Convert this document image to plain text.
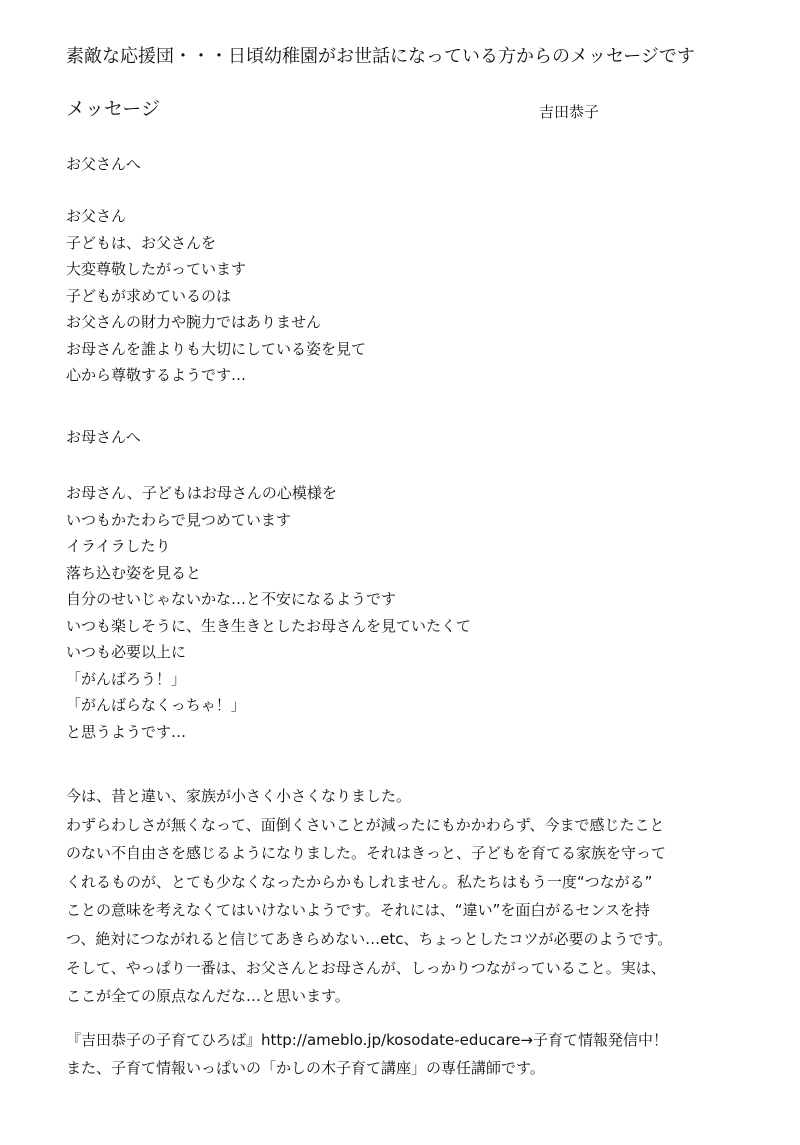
素敵な応援団・・・日頃幼稚園がお世話になっている方からのメッセージです
メッセージ	吉田恭子
お父さんへ
お父さん
子どもは、お父さんを
大変尊敬したがっています
子どもが求めているのは
お父さんの財力や腕力ではありません
お母さんを誰よりも大切にしている姿を見て
心から尊敬するようです…
お母さんへ
お母さん、子どもはお母さんの心模様を
いつもかたわらで見つめています
イライラしたり
落ち込む姿を見ると
自分のせいじゃないかな…と不安になるようです
いつも楽しそうに、生き生きとしたお母さんを見ていたくて
いつも必要以上に
「がんばろう！」
「がんばらなくっちゃ！」
と思うようです…
今は、昔と違い、家族が小さく小さくなりました。
わずらわしさが無くなって、面倒くさいことが減ったにもかかわらず、今まで感じたこと
のない不自由さを感じるようになりました。それはきっと、子どもを育てる家族を守って
くれるものが、とても少なくなったからかもしれません。私たちはもう一度“つながる”
ことの意味を考えなくてはいけないようです。それには、“違い”を面白がるセンスを持
つ、絶対につながれると信じてあきらめない…etc、ちょっとしたコツが必要のようです。
そして、やっぱり一番は、お父さんとお母さんが、しっかりつながっていること。実は、
ここが全ての原点なんだな…と思います。
『吉田恭子の子育てひろば』http://ameblo.jp/kosodate-educare→子育て情報発信中！
また、子育て情報いっぱいの「かしの木子育て講座」の専任講師です。
